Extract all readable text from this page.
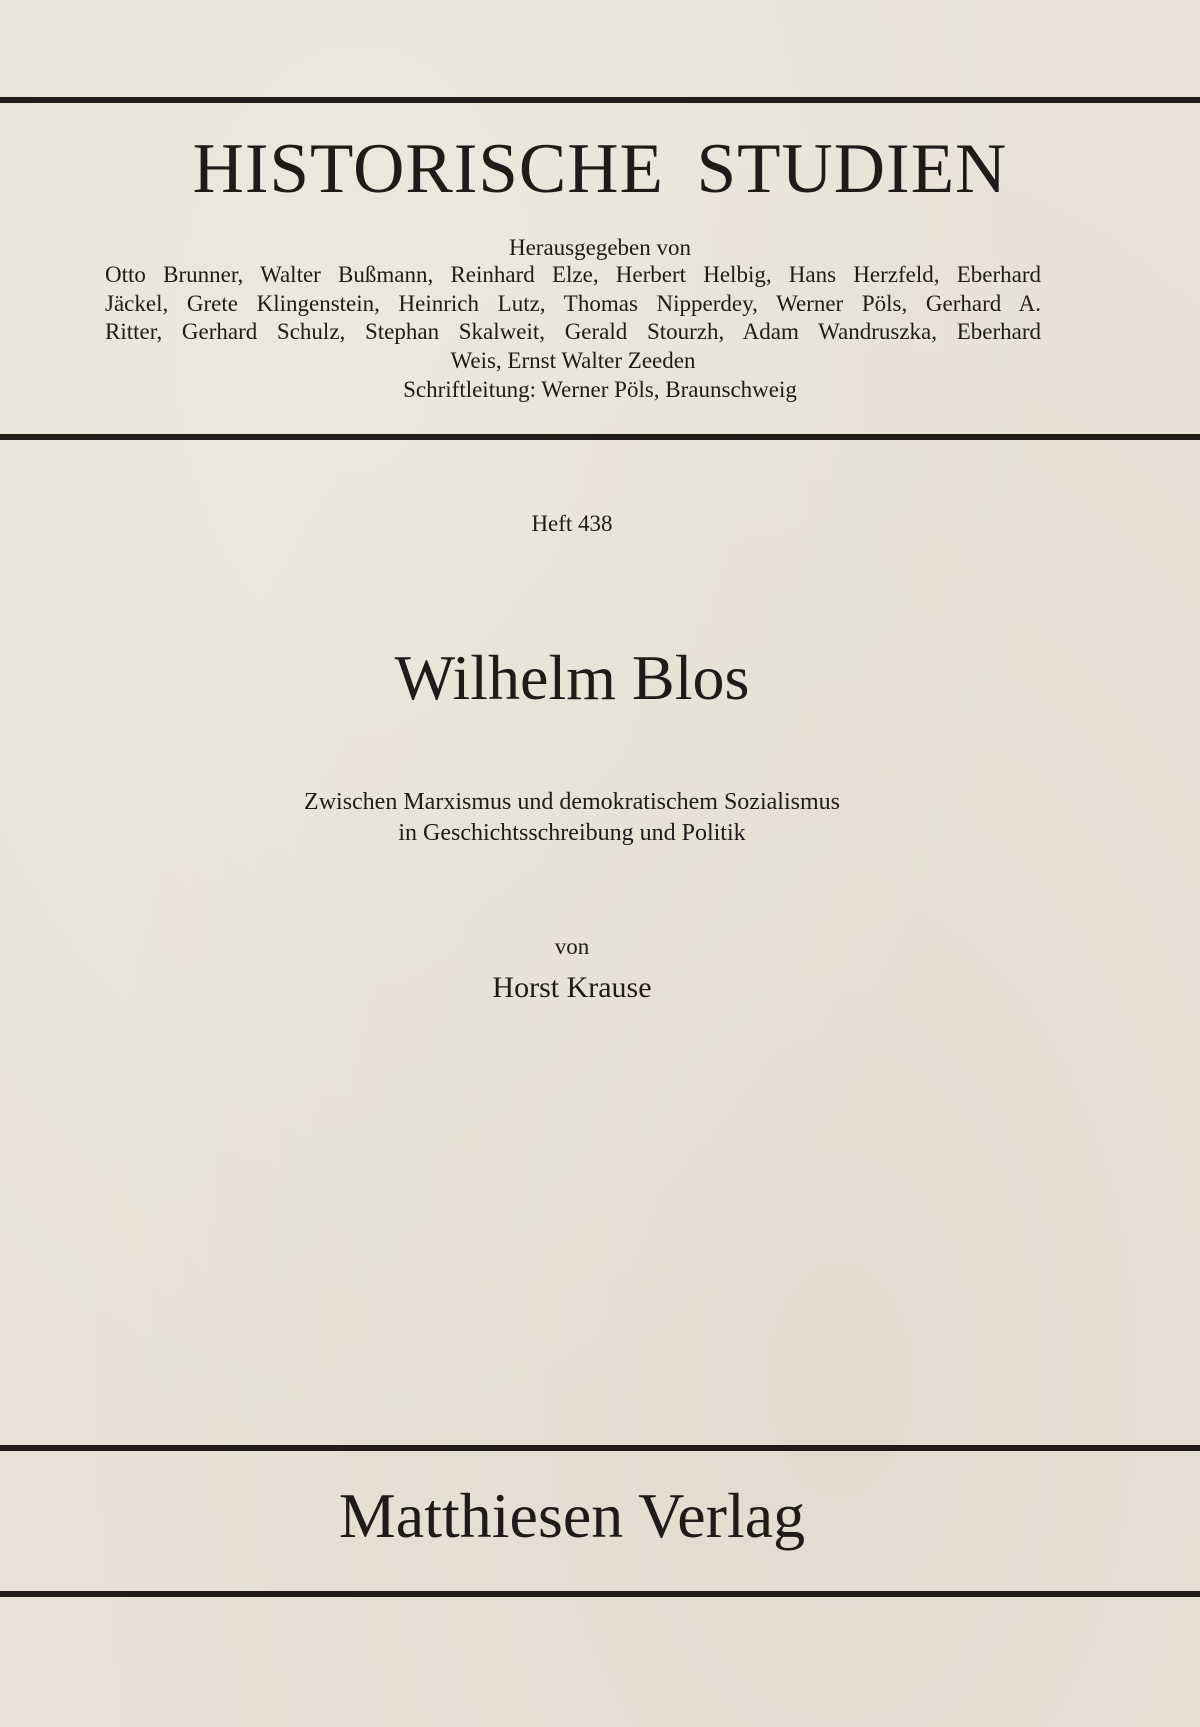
HISTORISCHE STUDIEN
Herausgegeben von
Otto Brunner, Walter Bußmann, Reinhard Elze, Herbert Helbig, Hans Herzfeld, Eberhard
Jäckel, Grete Klingenstein, Heinrich Lutz, Thomas Nipperdey, Werner Pöls, Gerhard A.
Ritter, Gerhard Schulz, Stephan Skalweit, Gerald Stourzh, Adam Wandruszka, Eberhard
Weis, Ernst Walter Zeeden
Schriftleitung: Werner Pöls, Braunschweig
Heft 438
Wilhelm Blos
Zwischen Marxismus und demokratischem Sozialismus
in Geschichtsschreibung und Politik
von
Horst Krause
Matthiesen Verlag
